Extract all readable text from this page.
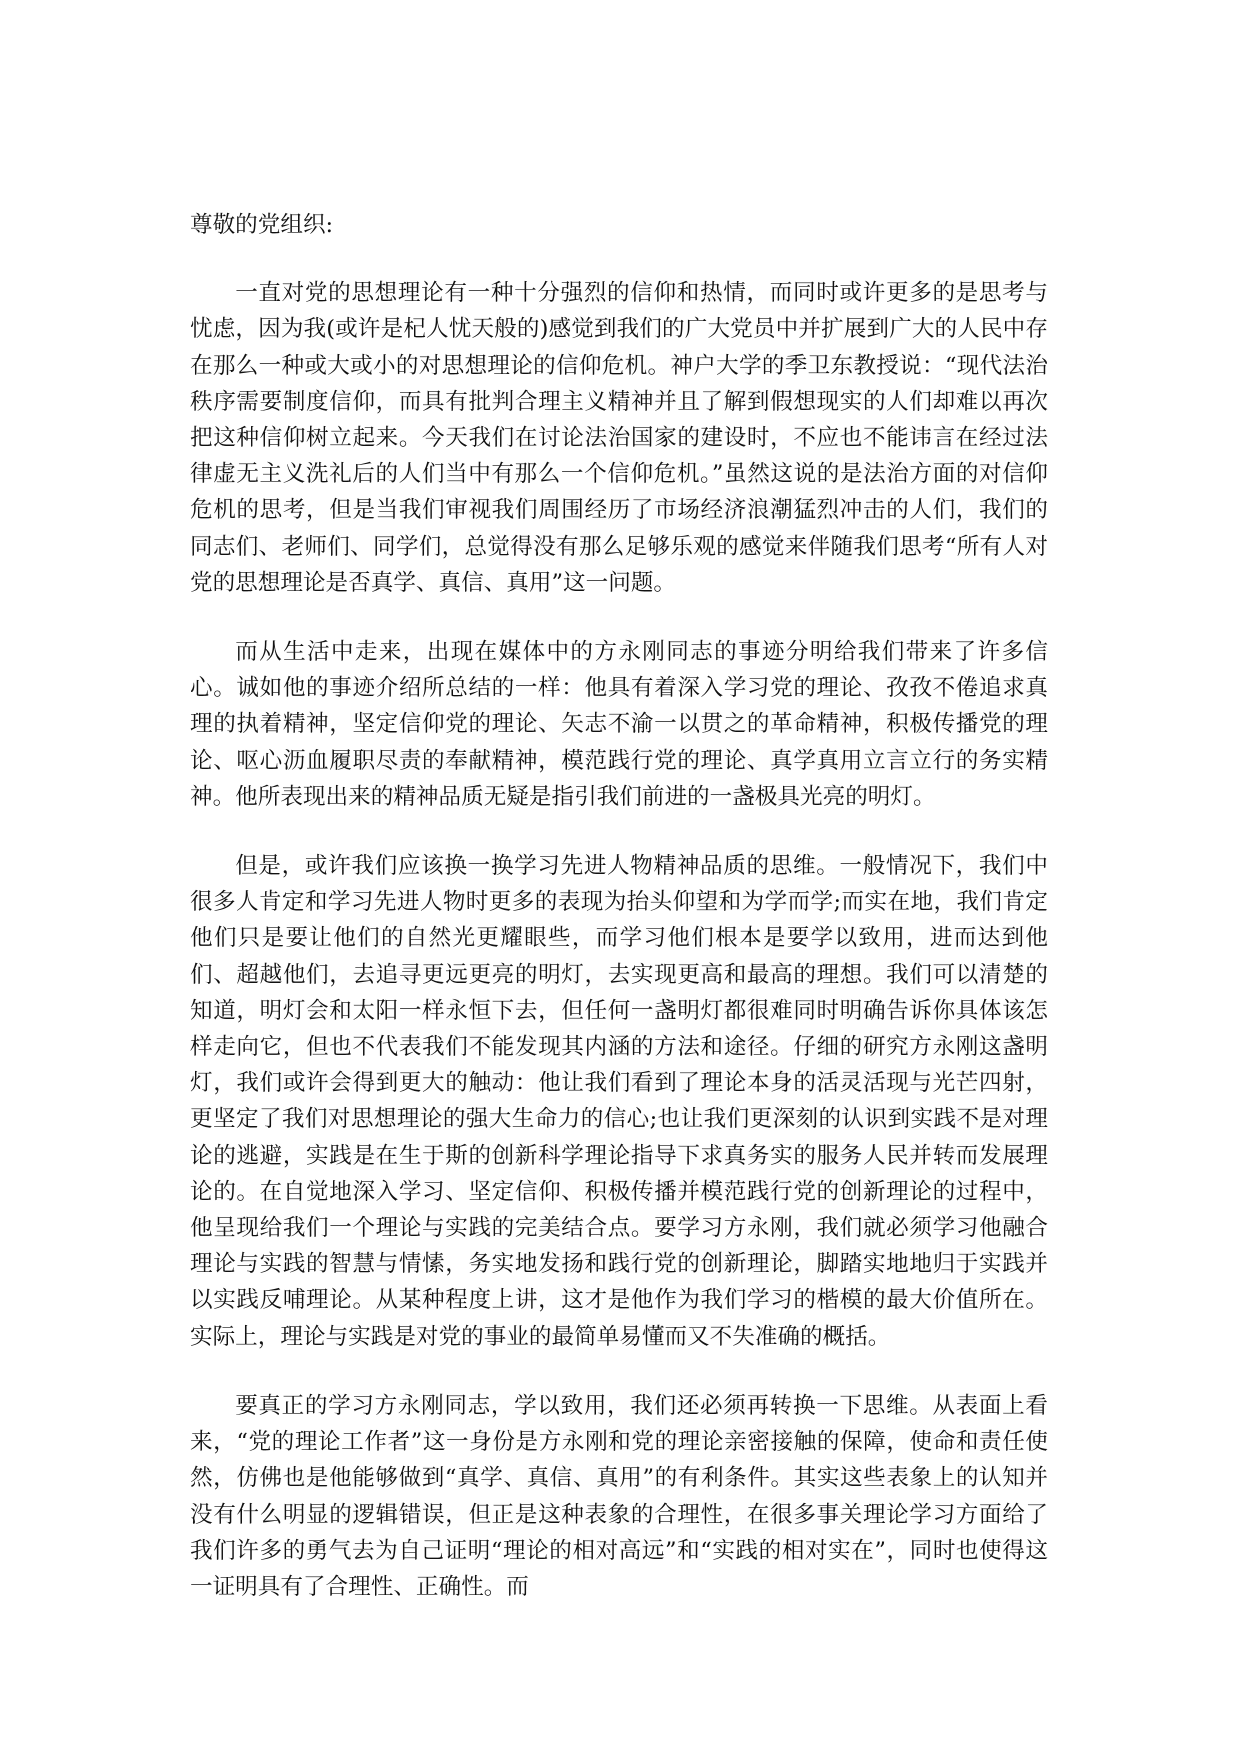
尊敬的党组织:

一直对党的思想理论有一种十分强烈的信仰和热情，而同时或许更多的是思考与忧虑，因为我(或许是杞人忧天般的)感觉到我们的广大党员中并扩展到广大的人民中存在那么一种或大或小的对思想理论的信仰危机。神户大学的季卫东教授说：“现代法治秩序需要制度信仰，而具有批判合理主义精神并且了解到假想现实的人们却难以再次把这种信仰树立起来。今天我们在讨论法治国家的建设时，不应也不能讳言在经过法律虚无主义洗礼后的人们当中有那么一个信仰危机。”虽然这说的是法治方面的对信仰危机的思考，但是当我们审视我们周围经历了市场经济浪潮猛烈冲击的人们，我们的同志们、老师们、同学们，总觉得没有那么足够乐观的感觉来伴随我们思考“所有人对党的思想理论是否真学、真信、真用”这一问题。

而从生活中走来，出现在媒体中的方永刚同志的事迹分明给我们带来了许多信心。诚如他的事迹介绍所总结的一样：他具有着深入学习党的理论、孜孜不倦追求真理的执着精神，坚定信仰党的理论、矢志不渝一以贯之的革命精神，积极传播党的理论、呕心沥血履职尽责的奉献精神，模范践行党的理论、真学真用立言立行的务实精神。他所表现出来的精神品质无疑是指引我们前进的一盏极具光亮的明灯。

但是，或许我们应该换一换学习先进人物精神品质的思维。一般情况下，我们中很多人肯定和学习先进人物时更多的表现为抬头仰望和为学而学;而实在地，我们肯定他们只是要让他们的自然光更耀眼些，而学习他们根本是要学以致用，进而达到他们、超越他们，去追寻更远更亮的明灯，去实现更高和最高的理想。我们可以清楚的知道，明灯会和太阳一样永恒下去，但任何一盏明灯都很难同时明确告诉你具体该怎样走向它，但也不代表我们不能发现其内涵的方法和途径。仔细的研究方永刚这盏明灯，我们或许会得到更大的触动：他让我们看到了理论本身的活灵活现与光芒四射，更坚定了我们对思想理论的强大生命力的信心;也让我们更深刻的认识到实践不是对理论的逃避，实践是在生于斯的创新科学理论指导下求真务实的服务人民并转而发展理论的。在自觉地深入学习、坚定信仰、积极传播并模范践行党的创新理论的过程中，他呈现给我们一个理论与实践的完美结合点。要学习方永刚，我们就必须学习他融合理论与实践的智慧与情愫，务实地发扬和践行党的创新理论，脚踏实地地归于实践并以实践反哺理论。从某种程度上讲，这才是他作为我们学习的楷模的最大价值所在。实际上，理论与实践是对党的事业的最简单易懂而又不失准确的概括。

要真正的学习方永刚同志，学以致用，我们还必须再转换一下思维。从表面上看来，“党的理论工作者”这一身份是方永刚和党的理论亲密接触的保障，使命和责任使然，仿佛也是他能够做到“真学、真信、真用”的有利条件。其实这些表象上的认知并没有什么明显的逻辑错误，但正是这种表象的合理性，在很多事关理论学习方面给了我们许多的勇气去为自己证明“理论的相对高远”和“实践的相对实在”，同时也使得这一证明具有了合理性、正确性。而
